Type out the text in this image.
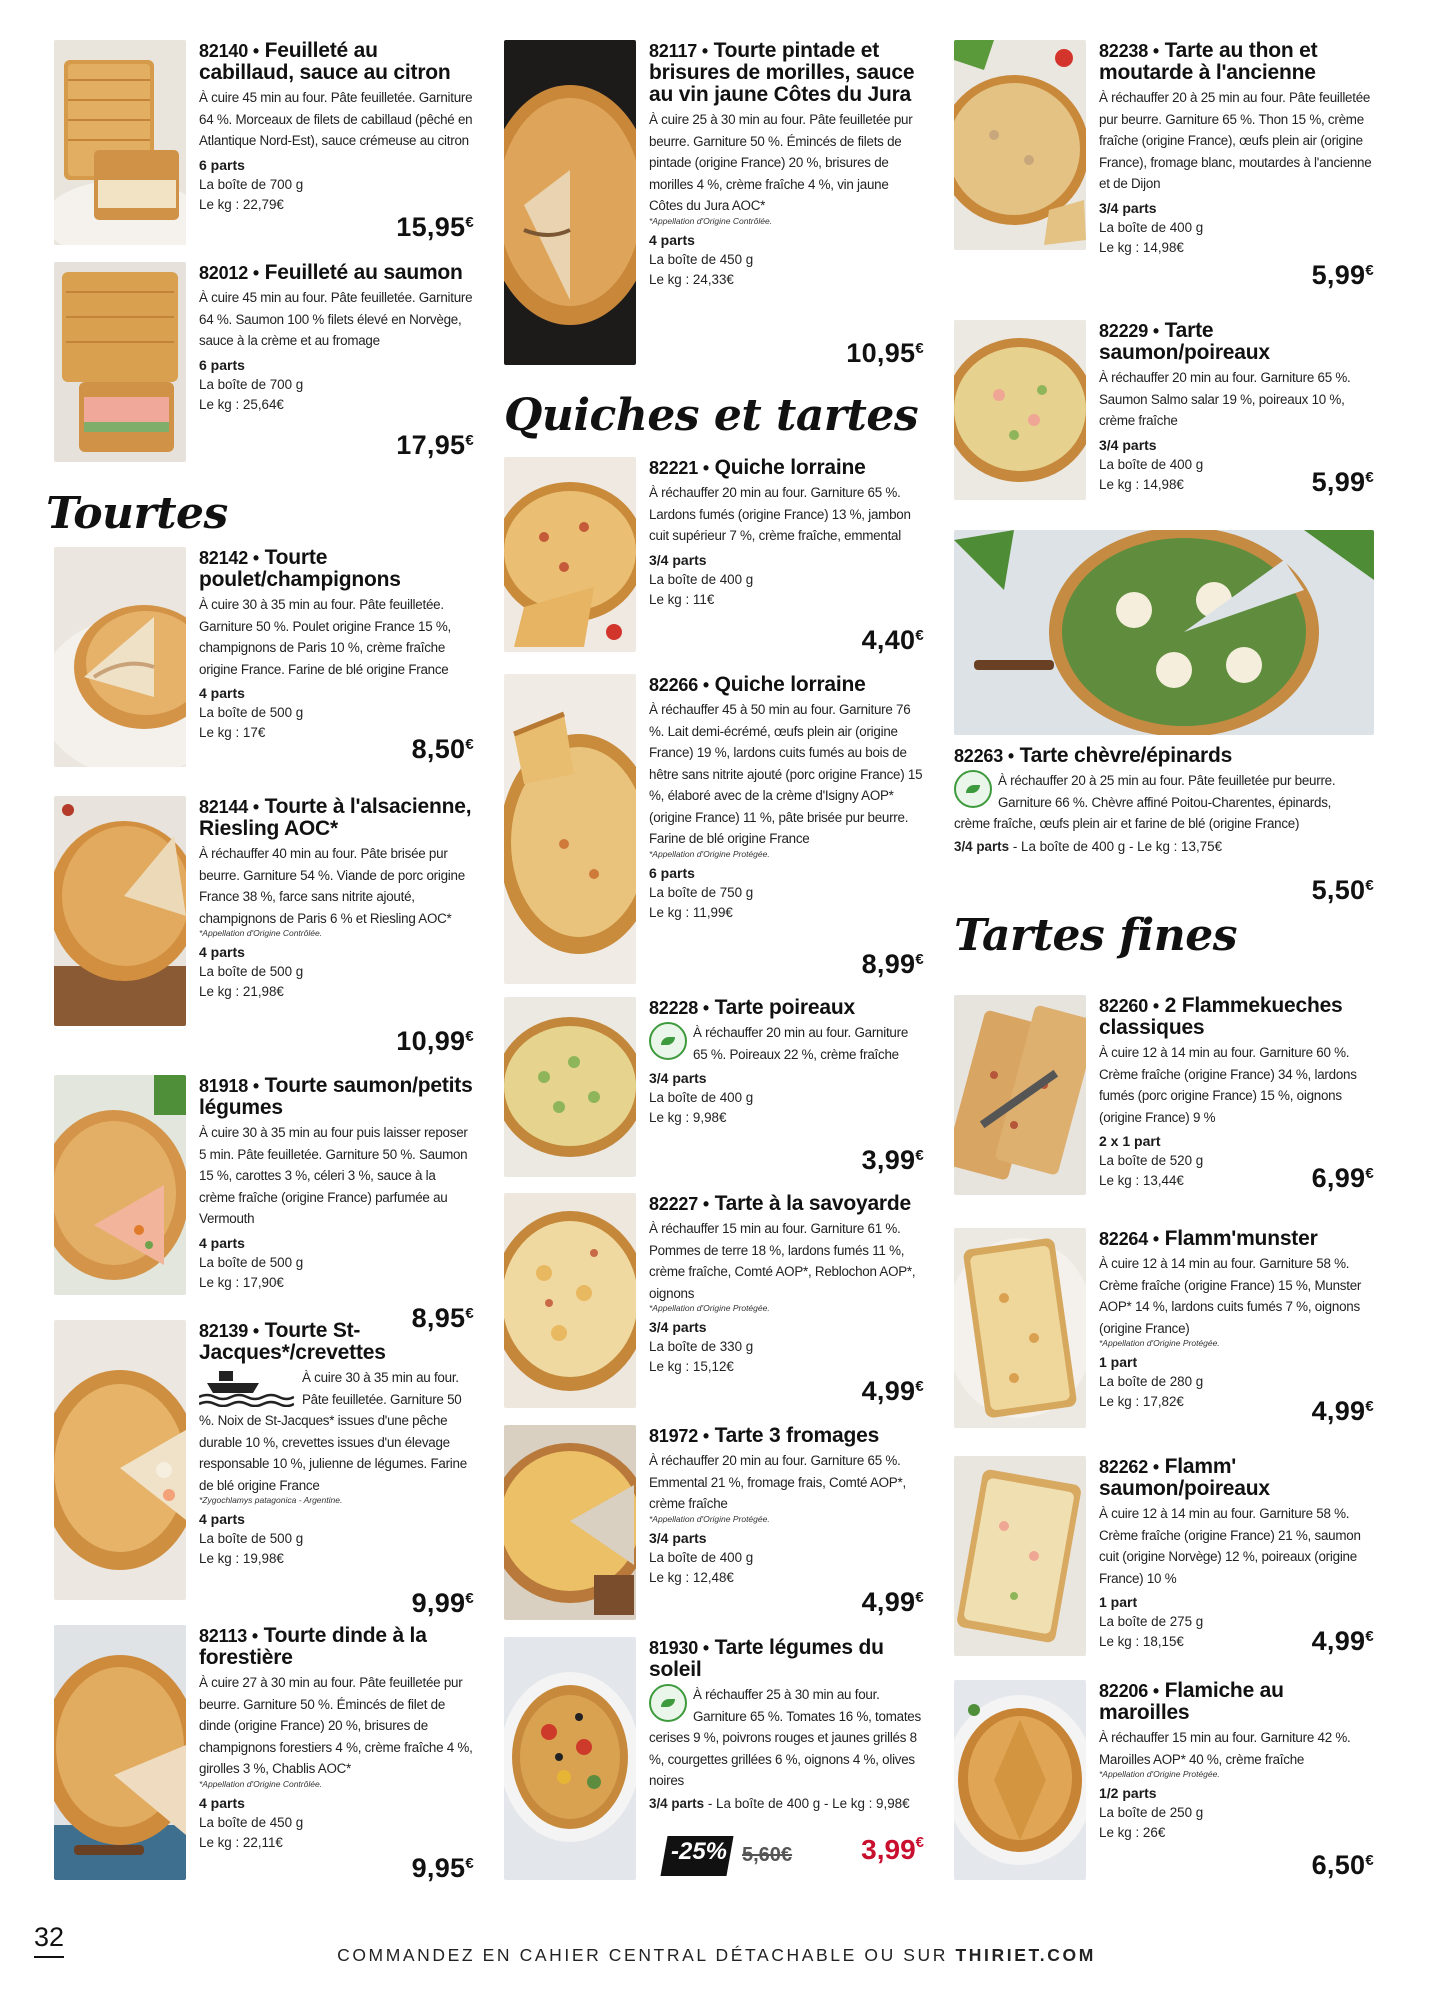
82140 • Feuilleté au cabillaud, sauce au citron
À cuire 45 min au four. Pâte feuilletée. Garniture 64 %. Morceaux de filets de cabillaud (pêché en Atlantique Nord-Est), sauce crémeuse au citron
6 parts
La boîte de 700 g
Le kg : 22,79€
15,95€
82012 • Feuilleté au saumon
À cuire 45 min au four. Pâte feuilletée. Garniture 64 %. Saumon 100 % filets élevé en Norvège, sauce à la crème et au fromage
6 parts
La boîte de 700 g
Le kg : 25,64€
17,95€
Tourtes
82142 • Tourte poulet/champignons
À cuire 30 à 35 min au four. Pâte feuilletée. Garniture 50 %. Poulet origine France 15 %, champignons de Paris 10 %, crème fraîche origine France. Farine de blé origine France
4 parts
La boîte de 500 g
Le kg : 17€
8,50€
82144 • Tourte à l'alsacienne, Riesling AOC*
À réchauffer 40 min au four. Pâte brisée pur beurre. Garniture 54 %. Viande de porc origine France 38 %, farce sans nitrite ajouté, champignons de Paris 6 % et Riesling AOC*
*Appellation d'Origine Contrôlée.
4 parts
La boîte de 500 g
Le kg : 21,98€
10,99€
81918 • Tourte saumon/petits légumes
À cuire 30 à 35 min au four puis laisser reposer 5 min. Pâte feuilletée. Garniture 50 %. Saumon 15 %, carottes 3 %, céleri 3 %, sauce à la crème fraîche (origine France) parfumée au Vermouth
4 parts
La boîte de 500 g
Le kg : 17,90€
8,95€
82139 • Tourte St-Jacques*/crevettes
À cuire 30 à 35 min au four. Pâte feuilletée. Garniture 50 %. Noix de St-Jacques* issues d'une pêche durable 10 %, crevettes issues d'un élevage responsable 10 %, julienne de légumes. Farine de blé origine France
*Zygochlamys patagonica - Argentine.
4 parts
La boîte de 500 g
Le kg : 19,98€
9,99€
82113 • Tourte dinde à la forestière
À cuire 27 à 30 min au four. Pâte feuilletée pur beurre. Garniture 50 %. Émincés de filet de dinde (origine France) 20 %, brisures de champignons forestiers 4 %, crème fraîche 4 %, girolles 3 %, Chablis AOC*
*Appellation d'Origine Contrôlée.
4 parts
La boîte de 450 g
Le kg : 22,11€
9,95€
82117 • Tourte pintade et brisures de morilles, sauce au vin jaune Côtes du Jura
À cuire 25 à 30 min au four. Pâte feuilletée pur beurre. Garniture 50 %. Émincés de filets de pintade (origine France) 20 %, brisures de morilles 4 %, crème fraîche 4 %, vin jaune Côtes du Jura AOC*
*Appellation d'Origine Contrôlée.
4 parts
La boîte de 450 g
Le kg : 24,33€
10,95€
Quiches et tartes
82221 • Quiche lorraine
À réchauffer 20 min au four. Garniture 65 %. Lardons fumés (origine France) 13 %, jambon cuit supérieur 7 %, crème fraîche, emmental
3/4 parts
La boîte de 400 g
Le kg : 11€
4,40€
82266 • Quiche lorraine
À réchauffer 45 à 50 min au four. Garniture 76 %. Lait demi-écrémé, œufs plein air (origine France) 19 %, lardons cuits fumés au bois de hêtre sans nitrite ajouté (porc origine France) 15 %, élaboré avec de la crème d'Isigny AOP* (origine France) 11 %, pâte brisée pur beurre. Farine de blé origine France
*Appellation d'Origine Protégée.
6 parts
La boîte de 750 g
Le kg : 11,99€
8,99€
82228 • Tarte poireaux
À réchauffer 20 min au four. Garniture 65 %. Poireaux 22 %, crème fraîche
3/4 parts
La boîte de 400 g
Le kg : 9,98€
3,99€
82227 • Tarte à la savoyarde
À réchauffer 15 min au four. Garniture 61 %. Pommes de terre 18 %, lardons fumés 11 %, crème fraîche, Comté AOP*, Reblochon AOP*, oignons
*Appellation d'Origine Protégée.
3/4 parts
La boîte de 330 g
Le kg : 15,12€
4,99€
81972 • Tarte 3 fromages
À réchauffer 20 min au four. Garniture 65 %. Emmental 21 %, fromage frais, Comté AOP*, crème fraîche
*Appellation d'Origine Protégée.
3/4 parts
La boîte de 400 g
Le kg : 12,48€
4,99€
81930 • Tarte légumes du soleil
À réchauffer 25 à 30 min au four. Garniture 65 %. Tomates 16 %, tomates cerises 9 %, poivrons rouges et jaunes grillés 8 %, courgettes grillées 6 %, oignons 4 %, olives noires
3/4 parts - La boîte de 400 g - Le kg : 9,98€
-25% 5,60€ 3,99€
82238 • Tarte au thon et moutarde à l'ancienne
À réchauffer 20 à 25 min au four. Pâte feuilletée pur beurre. Garniture 65 %. Thon 15 %, crème fraîche (origine France), œufs plein air (origine France), fromage blanc, moutardes à l'ancienne et de Dijon
3/4 parts
La boîte de 400 g
Le kg : 14,98€
5,99€
82229 • Tarte saumon/poireaux
À réchauffer 20 min au four. Garniture 65 %. Saumon Salmo salar 19 %, poireaux 10 %, crème fraîche
3/4 parts
La boîte de 400 g
Le kg : 14,98€	5,99€
82263 • Tarte chèvre/épinards
À réchauffer 20 à 25 min au four. Pâte feuilletée pur beurre. Garniture 66 %. Chèvre affiné Poitou-Charentes, épinards, crème fraîche, œufs plein air et farine de blé (origine France)
3/4 parts - La boîte de 400 g - Le kg : 13,75€
5,50€
Tartes fines
82260 • 2 Flammekueches classiques
À cuire 12 à 14 min au four. Garniture 60 %. Crème fraîche (origine France) 34 %, lardons fumés (porc origine France) 15 %, oignons (origine France) 9 %
2 x 1 part
La boîte de 520 g
Le kg : 13,44€	6,99€
82264 • Flamm'munster
À cuire 12 à 14 min au four. Garniture 58 %. Crème fraîche (origine France) 15 %, Munster AOP* 14 %, lardons cuits fumés 7 %, oignons (origine France)
*Appellation d'Origine Protégée.
1 part
La boîte de 280 g
Le kg : 17,82€	4,99€
82262 • Flamm' saumon/poireaux
À cuire 12 à 14 min au four. Garniture 58 %. Crème fraîche (origine France) 21 %, saumon cuit (origine Norvège) 12 %, poireaux (origine France) 10 %
1 part
La boîte de 275 g
Le kg : 18,15€	4,99€
82206 • Flamiche au maroilles
À réchauffer 15 min au four. Garniture 42 %. Maroilles AOP* 40 %, crème fraîche
*Appellation d'Origine Protégée.
1/2 parts
La boîte de 250 g
Le kg : 26€
6,50€
32
COMMANDEZ EN CAHIER CENTRAL DÉTACHABLE OU SUR THIRIET.COM
